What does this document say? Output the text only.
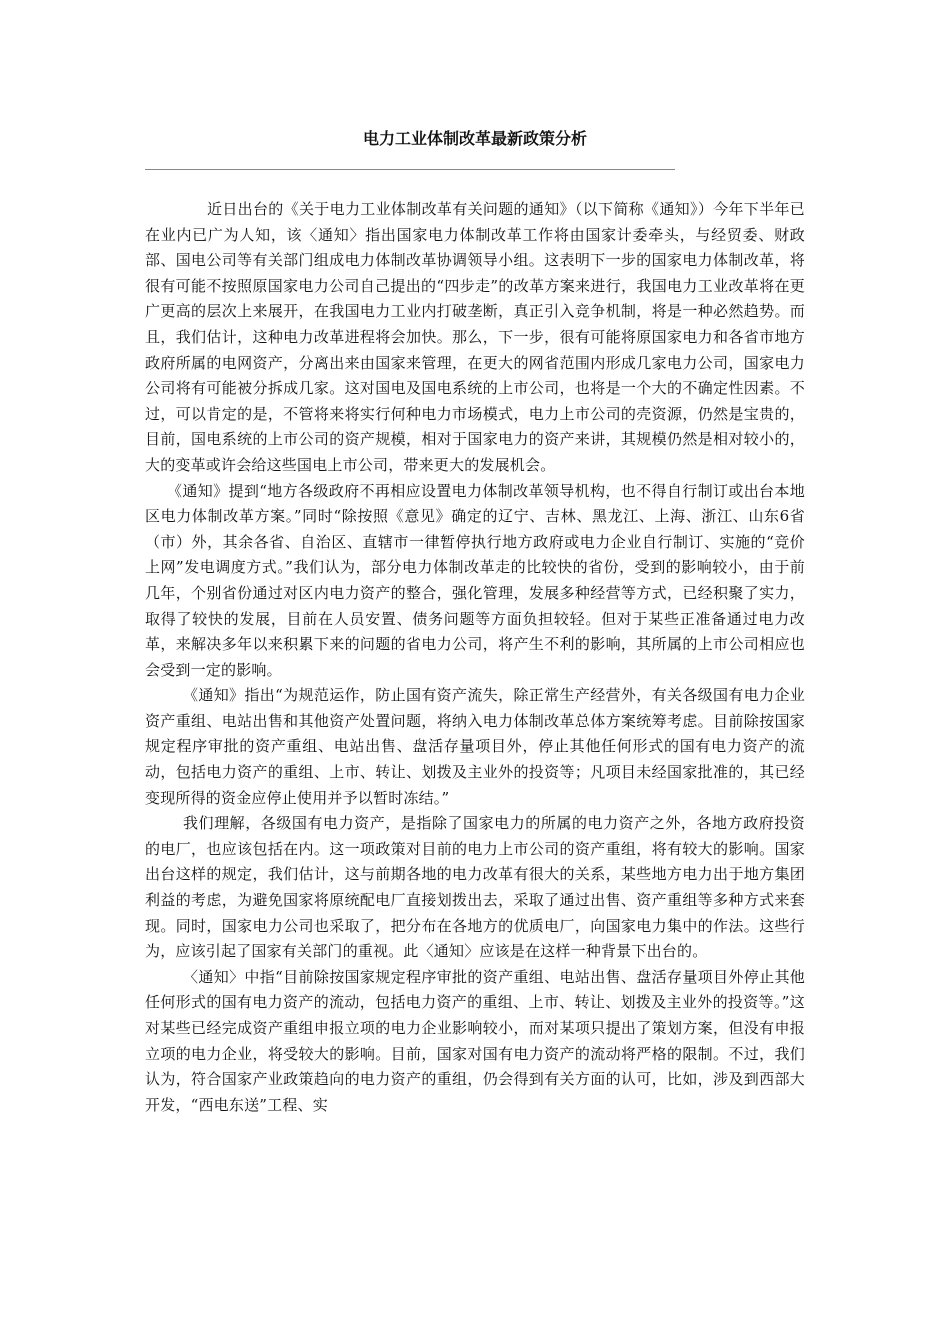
电力工业体制改革最新政策分析

近日出台的《关于电力工业体制改革有关问题的通知》（以下简称《通知》）今年下半年已在业内已广为人知，该〈通知〉指出国家电力体制改革工作将由国家计委牵头，与经贸委、财政部、国电公司等有关部门组成电力体制改革协调领导小组。这表明下一步的国家电力体制改革，将很有可能不按照原国家电力公司自己提出的“四步走”的改革方案来进行，我国电力工业改革将在更广更高的层次上来展开，在我国电力工业内打破垄断，真正引入竞争机制，将是一种必然趋势。而且，我们估计，这种电力改革进程将会加快。那么，下一步，很有可能将原国家电力和各省市地方政府所属的电网资产，分离出来由国家来管理，在更大的网省范围内形成几家电力公司，国家电力公司将有可能被分拆成几家。这对国电及国电系统的上市公司，也将是一个大的不确定性因素。不过，可以肯定的是，不管将来将实行何种电力市场模式，电力上市公司的壳资源，仍然是宝贵的，目前，国电系统的上市公司的资产规模，相对于国家电力的资产来讲，其规模仍然是相对较小的，大的变革或许会给这些国电上市公司，带来更大的发展机会。

《通知》提到“地方各级政府不再相应设置电力体制改革领导机构，也不得自行制订或出台本地区电力体制改革方案。”同时“除按照《意见》确定的辽宁、吉林、黑龙江、上海、浙江、山东6省（市）外，其余各省、自治区、直辖市一律暂停执行地方政府或电力企业自行制订、实施的“竞价上网”发电调度方式。”我们认为，部分电力体制改革走的比较快的省份，受到的影响较小，由于前几年，个别省份通过对区内电力资产的整合，强化管理，发展多种经营等方式，已经积聚了实力，取得了较快的发展，目前在人员安置、债务问题等方面负担较轻。但对于某些正准备通过电力改革，来解决多年以来积累下来的问题的省电力公司，将产生不利的影响，其所属的上市公司相应也会受到一定的影响。

《通知》指出“为规范运作，防止国有资产流失，除正常生产经营外，有关各级国有电力企业资产重组、电站出售和其他资产处置问题，将纳入电力体制改革总体方案统筹考虑。目前除按国家规定程序审批的资产重组、电站出售、盘活存量项目外，停止其他任何形式的国有电力资产的流动，包括电力资产的重组、上市、转让、划拨及主业外的投资等；凡项目未经国家批准的，其已经变现所得的资金应停止使用并予以暂时冻结。”

我们理解，各级国有电力资产，是指除了国家电力的所属的电力资产之外，各地方政府投资的电厂，也应该包括在内。这一项政策对目前的电力上市公司的资产重组，将有较大的影响。国家出台这样的规定，我们估计，这与前期各地的电力改革有很大的关系，某些地方电力出于地方集团利益的考虑，为避免国家将原统配电厂直接划拨出去，采取了通过出售、资产重组等多种方式来套现。同时，国家电力公司也采取了，把分布在各地方的优质电厂，向国家电力集中的作法。这些行为，应该引起了国家有关部门的重视。此〈通知〉应该是在这样一种背景下出台的。

〈通知〉中指“目前除按国家规定程序审批的资产重组、电站出售、盘活存量项目外停止其他任何形式的国有电力资产的流动，包括电力资产的重组、上市、转让、划拨及主业外的投资等。”这对某些已经完成资产重组申报立项的电力企业影响较小，而对某项只提出了策划方案，但没有申报立项的电力企业，将受较大的影响。目前，国家对国有电力资产的流动将严格的限制。不过，我们认为，符合国家产业政策趋向的电力资产的重组，仍会得到有关方面的认可，比如，涉及到西部大开发，“西电东送”工程、实
